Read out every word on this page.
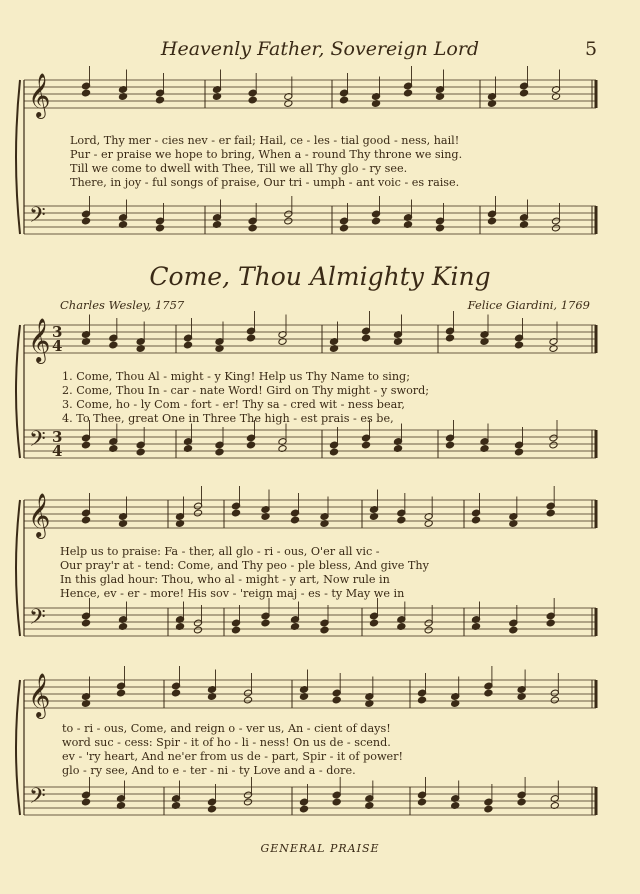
Heavenly Father, Sovereign Lord	5
Come, Thou Almighty King
Charles Wesley, 1757	Felice Giardini, 1769
Lord, Thy mer - cies nev - er fail; Hail, ce - les - tial good - ness, hail!
Pur - er praise we hope to bring, When a - round Thy throne we sing.
Till we come to dwell with Thee, Till we all Thy glo - ry see.
There, in joy - ful songs of praise, Our tri - umph - ant voic - es raise.
1. Come, Thou Al - might - y King! Help us Thy Name to sing;
2. Come, Thou In - car - nate Word! Gird on Thy might - y sword;
3. Come, ho - ly Com - fort - er! Thy sa - cred wit - ness bear,
4. To Thee, great One in Three The high - est prais - es be,
Help us to praise: Fa - ther, all glo - ri - ous, O'er all vic -
Our pray'r at - tend: Come, and Thy peo - ple bless, And give Thy
In this glad hour: Thou, who al - might - y art, Now rule in
Hence, ev - er - more! His sov - 'reign maj - es - ty May we in
to - ri - ous, Come, and reign o - ver us, An - cient of days!
word suc - cess: Spir - it of ho - li - ness! On us de - scend.
ev - 'ry heart, And ne'er from us de - part, Spir - it of power!
glo - ry see, And to e - ter - ni - ty Love and a - dore.
GENERAL PRAISE
𝄞
𝄢
𝄞
𝄢
3
3
4
4
𝄞
𝄢
𝄞
𝄢
